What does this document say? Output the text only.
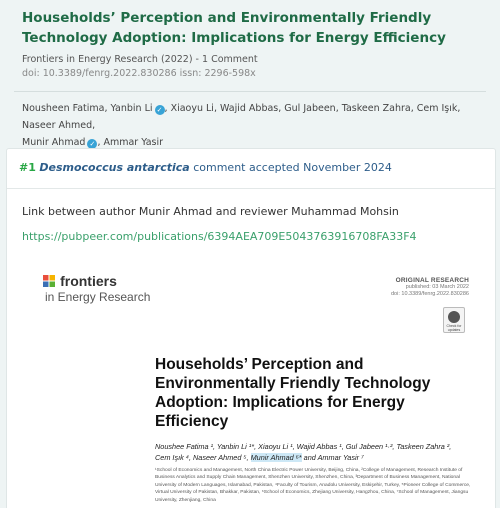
Households’ Perception and Environmentally Friendly Technology Adoption: Implications for Energy Efficiency
Frontiers in Energy Research (2022) - 1 Comment
doi: 10.3389/fenrg.2022.830286 issn: 2296-598x
Nousheen Fatima, Yanbin Li ✓ , Xiaoyu Li, Wajid Abbas, Gul Jabeen, Taskeen Zahra, Cem Işık, Naseer Ahmed,
Munir Ahmad ✓ , Ammar Yasir
#1 Desmococcus antarctica comment accepted November 2024
Link between author Munir Ahmad and reviewer Muhammad Mohsin
https://pubpeer.com/publications/6394AEA709E5043763916708FA33F4
frontiers
in Energy Research
ORIGINAL RESEARCH
published: 03 March 2022
doi: 10.3389/fenrg.2022.830286
Check for updates
Households’ Perception and Environmentally Friendly Technology Adoption: Implications for Energy Efficiency
Noushee Fatima ¹, Yanbin Li ¹*, Xiaoyu Li ¹, Wajid Abbas ¹, Gul Jabeen ¹·², Taskeen Zahra ²,
Cem Işık ⁴, Naseer Ahmed ⁵, Munir Ahmad ⁶* and Ammar Yasir ⁷
¹School of Economics and Management, North China Electric Power University, Beijing, China, ²College of Management, Research Institute of Business Analytics and Supply Chain Management, Shenzhen University, Shenzhen, China, ³Department of Business Management, National University of Modern Languages, Islamabad, Pakistan, ⁴Faculty of Tourism, Anadolu University, Eskişehir, Turkey, ⁵Pioneer College of Commerce, Virtual University of Pakistan, Bhakkar, Pakistan, ⁶School of Economics, Zhejiang University, Hangzhou, China, ⁷School of Management, Jiangsu University, Zhenjiang, China
